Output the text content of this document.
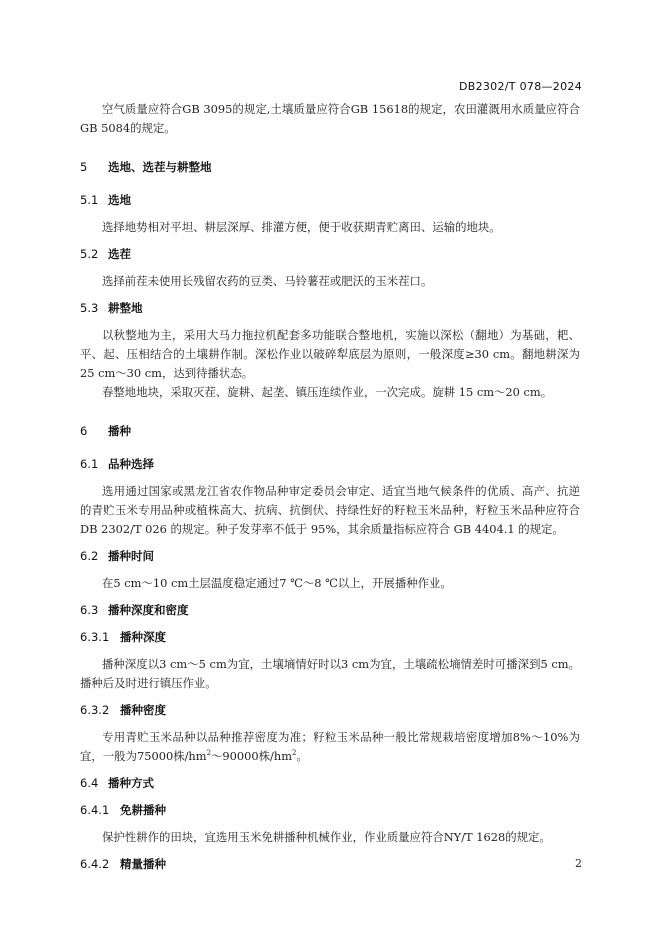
DB2302/T 078—2024

空气质量应符合GB 3095的规定,土壤质量应符合GB 15618的规定，农田灌溉用水质量应符合GB 5084的规定。

5 选地、选茬与耕整地
5.1 选地

选择地势相对平坦、耕层深厚、排灌方便，便于收获期青贮离田、运输的地块。

5.2 选茬

选择前茬未使用长残留农药的豆类、马铃薯茬或肥沃的玉米茬口。

5.3 耕整地

以秋整地为主，采用大马力拖拉机配套多功能联合整地机，实施以深松（翻地）为基础，耙、平、起、压相结合的土壤耕作制。深松作业以破碎犁底层为原则，一般深度≥30 cm。翻地耕深为 25 cm～30 cm，达到待播状态。

春整地地块，采取灭茬、旋耕、起垄、镇压连续作业，一次完成。旋耕 15 cm～20 cm。

6 播种
6.1 品种选择

选用通过国家或黑龙江省农作物品种审定委员会审定、适宜当地气候条件的优质、高产、抗逆的青贮玉米专用品种或植株高大、抗病、抗倒伏、持绿性好的籽粒玉米品种，籽粒玉米品种应符合 DB 2302/T 026 的规定。种子发芽率不低于 95%，其余质量指标应符合 GB 4404.1 的规定。

6.2 播种时间

在5 cm～10 cm土层温度稳定通过7 ℃～8 ℃以上，开展播种作业。

6.3 播种深度和密度
6.3.1 播种深度

播种深度以3 cm～5 cm为宜，土壤墒情好时以3 cm为宜，土壤疏松墒情差时可播深到5 cm。播种后及时进行镇压作业。

6.3.2 播种密度

专用青贮玉米品种以品种推荐密度为准；籽粒玉米品种一般比常规栽培密度增加8%～10%为宜，一般为75000株$/hm^2\sim 90000$株$/hm^2$。

6.4 播种方式
6.4.1 免耕播种

保护性耕作的田块，宜选用玉米免耕播种机械作业，作业质量应符合NY/T 1628的规定。

6.4.2 精量播种	2
